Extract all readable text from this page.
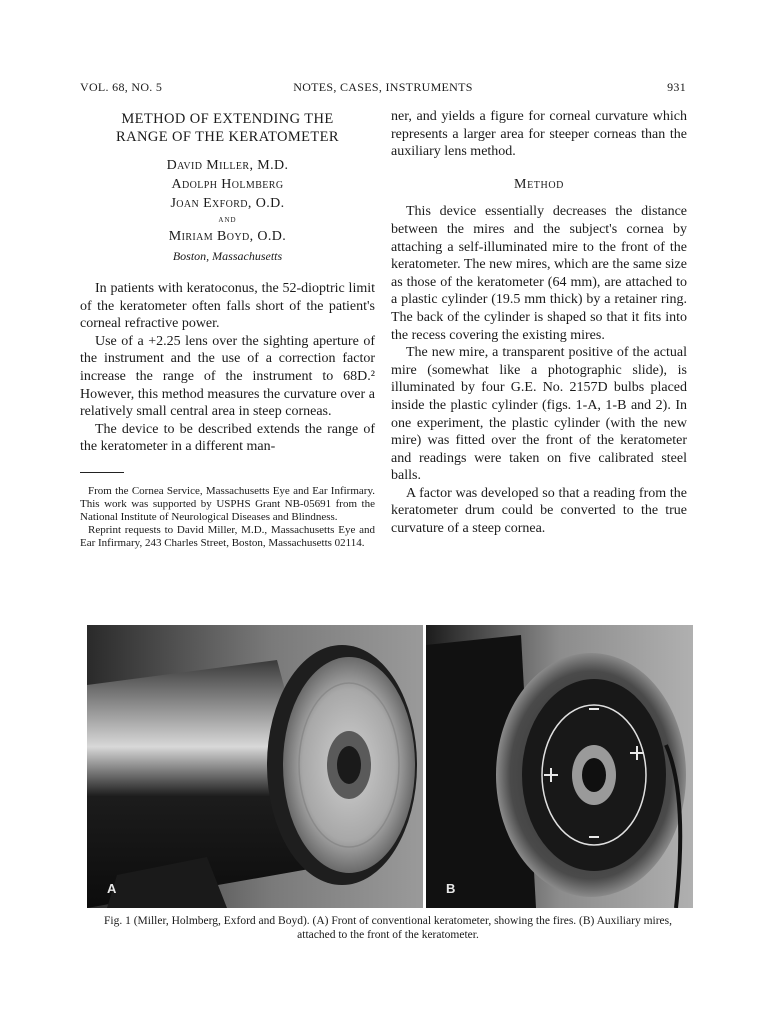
VOL. 68, NO. 5	NOTES, CASES, INSTRUMENTS	931
METHOD OF EXTENDING THE
RANGE OF THE KERATOMETER
David Miller, M.D.
Adolph Holmberg
Joan Exford, O.D.
and
Miriam Boyd, O.D.
Boston, Massachusetts

In patients with keratoconus, the 52-dioptric limit of the keratometer often falls short of the patient's corneal refractive power.

Use of a +2.25 lens over the sighting aperture of the instrument and the use of a correction factor increase the range of the instrument to 68D.² However, this method measures the curvature over a relatively small central area in steep corneas.

The device to be described extends the range of the keratometer in a different man-

From the Cornea Service, Massachusetts Eye and Ear Infirmary. This work was supported by USPHS Grant NB-05691 from the National Institute of Neurological Diseases and Blindness.

Reprint requests to David Miller, M.D., Massachusetts Eye and Ear Infirmary, 243 Charles Street, Boston, Massachusetts 02114.

ner, and yields a figure for corneal curvature which represents a larger area for steeper corneas than the auxiliary lens method.

Method

This device essentially decreases the distance between the mires and the subject's cornea by attaching a self-illuminated mire to the front of the keratometer. The new mires, which are the same size as those of the keratometer (64 mm), are attached to a plastic cylinder (19.5 mm thick) by a retainer ring. The back of the cylinder is shaped so that it fits into the recess covering the existing mires.

The new mire, a transparent positive of the actual mire (somewhat like a photographic slide), is illuminated by four G.E. No. 2157D bulbs placed inside the plastic cylinder (figs. 1-A, 1-B and 2). In one experiment, the plastic cylinder (with the new mire) was fitted over the front of the keratometer and readings were taken on five calibrated steel balls.

A factor was developed so that a reading from the keratometer drum could be converted to the true curvature of a steep cornea.

A	B
Fig. 1 (Miller, Holmberg, Exford and Boyd). (A) Front of conventional keratometer, showing the fires. (B) Auxiliary mires, attached to the front of the keratometer.
